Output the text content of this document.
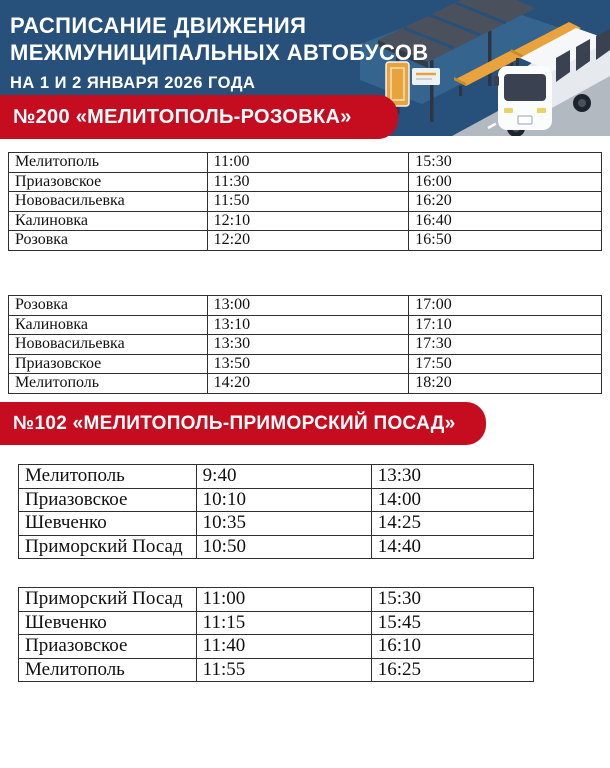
РАСПИСАНИЕ ДВИЖЕНИЯ
МЕЖМУНИЦИПАЛЬНЫХ АВТОБУСОВ
НА 1 И 2 ЯНВАРЯ 2026 ГОДА
№200 «МЕЛИТОПОЛЬ-РОЗОВКА»
Мелитополь	11:00	15:30
Приазовское	11:30	16:00
Нововасильевка	11:50	16:20
Калиновка	12:10	16:40
Розовка	12:20	16:50
Розовка	13:00	17:00
Калиновка	13:10	17:10
Нововасильевка	13:30	17:30
Приазовское	13:50	17:50
Мелитополь	14:20	18:20
№102 «МЕЛИТОПОЛЬ-ПРИМОРСКИЙ ПОСАД»
Мелитополь	9:40	13:30
Приазовское	10:10	14:00
Шевченко	10:35	14:25
Приморский Посад	10:50	14:40
Приморский Посад	11:00	15:30
Шевченко	11:15	15:45
Приазовское	11:40	16:10
Мелитополь	11:55	16:25
